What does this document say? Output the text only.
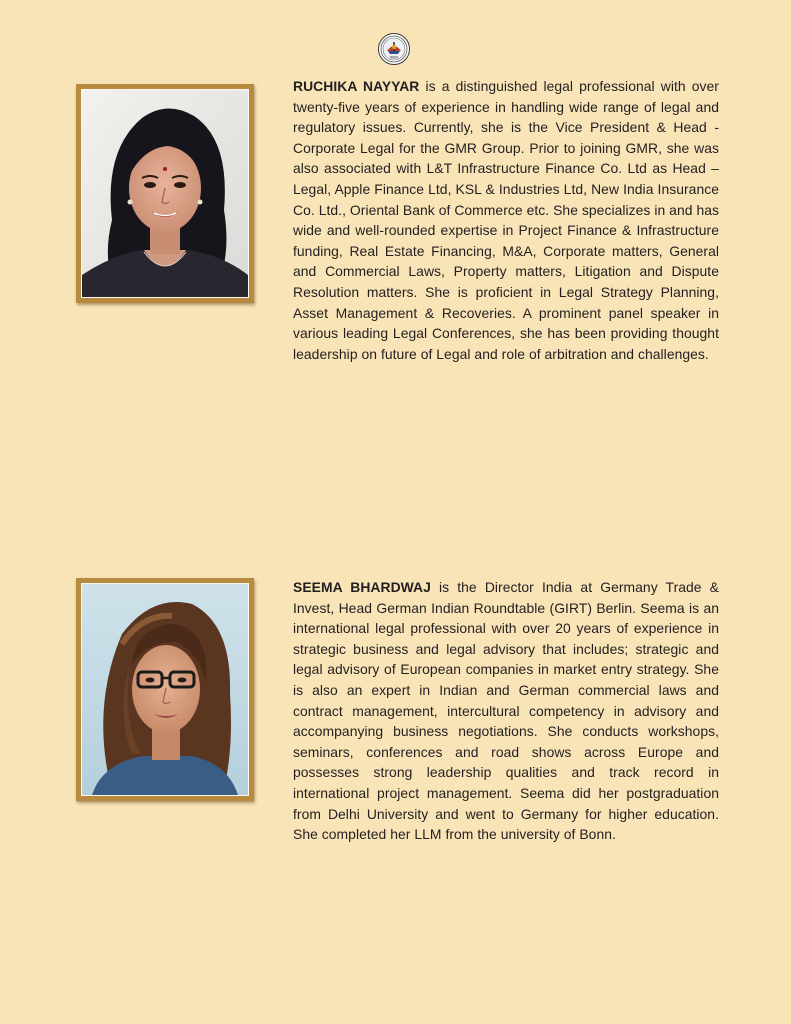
INDIA

RUCHIKA NAYYAR is a distinguished legal professional with over twenty-five years of experience in handling wide range of legal and regulatory issues. Currently, she is the Vice President & Head - Corporate Legal for the GMR Group. Prior to joining GMR, she was also associated with L&T Infrastructure Finance Co. Ltd as Head – Legal, Apple Finance Ltd, KSL & Industries Ltd, New India Insurance Co. Ltd., Oriental Bank of Commerce etc. She specializes in and has wide and well-rounded expertise in Project Finance & Infrastructure funding, Real Estate Financing, M&A, Corporate matters, General and Commercial Laws, Property matters, Litigation and Dispute Resolution matters. She is proficient in Legal Strategy Planning, Asset Management & Recoveries. A prominent panel speaker in various leading Legal Conferences, she has been providing thought leadership on future of Legal and role of arbitration and challenges.

SEEMA BHARDWAJ is the Director India at Germany Trade & Invest, Head German Indian Roundtable (GIRT) Berlin. Seema is an international legal professional with over 20 years of experience in strategic business and legal advisory that includes; strategic and legal advisory of European companies in market entry strategy. She is also an expert in Indian and German commercial laws and contract management, intercultural competency in advisory and accompanying business negotiations. She conducts workshops, seminars, conferences and road shows across Europe and possesses strong leadership qualities and track record in international project management. Seema did her postgraduation from Delhi University and went to Germany for higher education. She completed her LLM from the university of Bonn.
